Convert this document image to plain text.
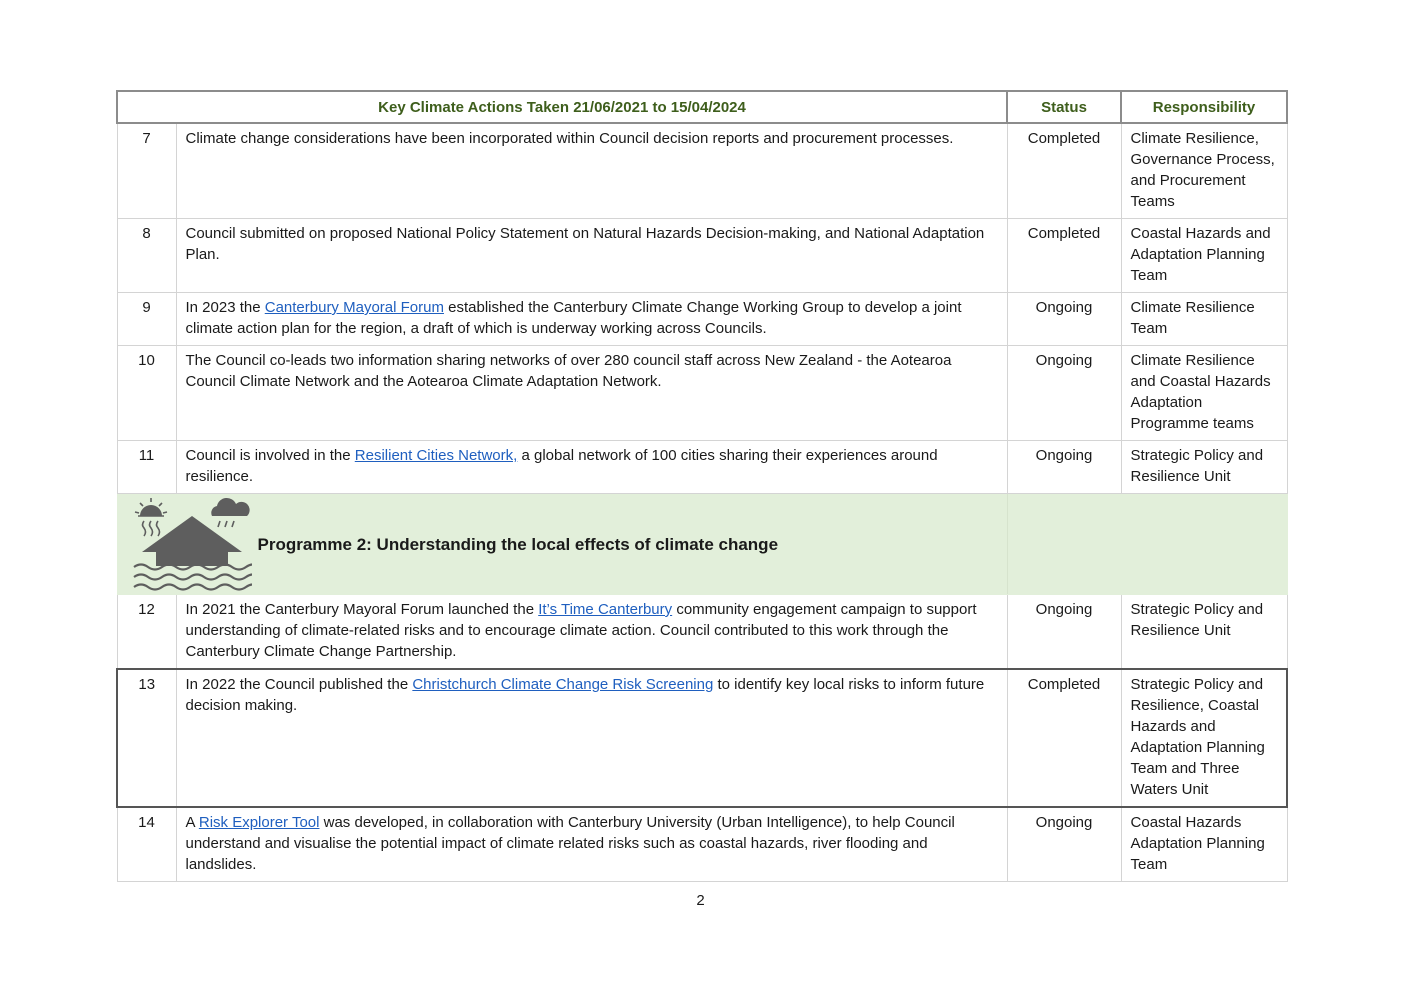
Key Climate Actions Taken 21/06/2021 to 15/04/2024		Status	Responsibility
7	Climate change considerations have been incorporated within Council decision reports and procurement processes.	Completed	Climate Resilience, Governance Process, and Procurement Teams
8	Council submitted on proposed National Policy Statement on Natural Hazards Decision-making, and National Adaptation Plan.	Completed	Coastal Hazards and Adaptation Planning Team
9	In 2023 the Canterbury Mayoral Forum established the Canterbury Climate Change Working Group to develop a joint climate action plan for the region, a draft of which is underway working across Councils.	Ongoing	Climate Resilience Team
10	The Council co-leads two information sharing networks of over 280 council staff across New Zealand - the Aotearoa Council Climate Network and the Aotearoa Climate Adaptation Network.	Ongoing	Climate Resilience and Coastal Hazards Adaptation Programme teams
11	Council is involved in the Resilient Cities Network, a global network of 100 cities sharing their experiences around resilience.	Ongoing	Strategic Policy and Resilience Unit

Programme 2: Understanding the local effects of climate change			

12	In 2021 the Canterbury Mayoral Forum launched the It’s Time Canterbury community engagement campaign to support understanding of climate-related risks and to encourage climate action. Council contributed to this work through the Canterbury Climate Change Partnership.	Ongoing	Strategic Policy and Resilience Unit
13	In 2022 the Council published the Christchurch Climate Change Risk Screening to identify key local risks to inform future decision making.	Completed	Strategic Policy and Resilience, Coastal Hazards and Adaptation Planning Team and Three Waters Unit
14	A Risk Explorer Tool was developed, in collaboration with Canterbury University (Urban Intelligence), to help Council understand and visualise the potential impact of climate related risks such as coastal hazards, river flooding and landslides.	Ongoing	Coastal Hazards Adaptation Planning Team
2
